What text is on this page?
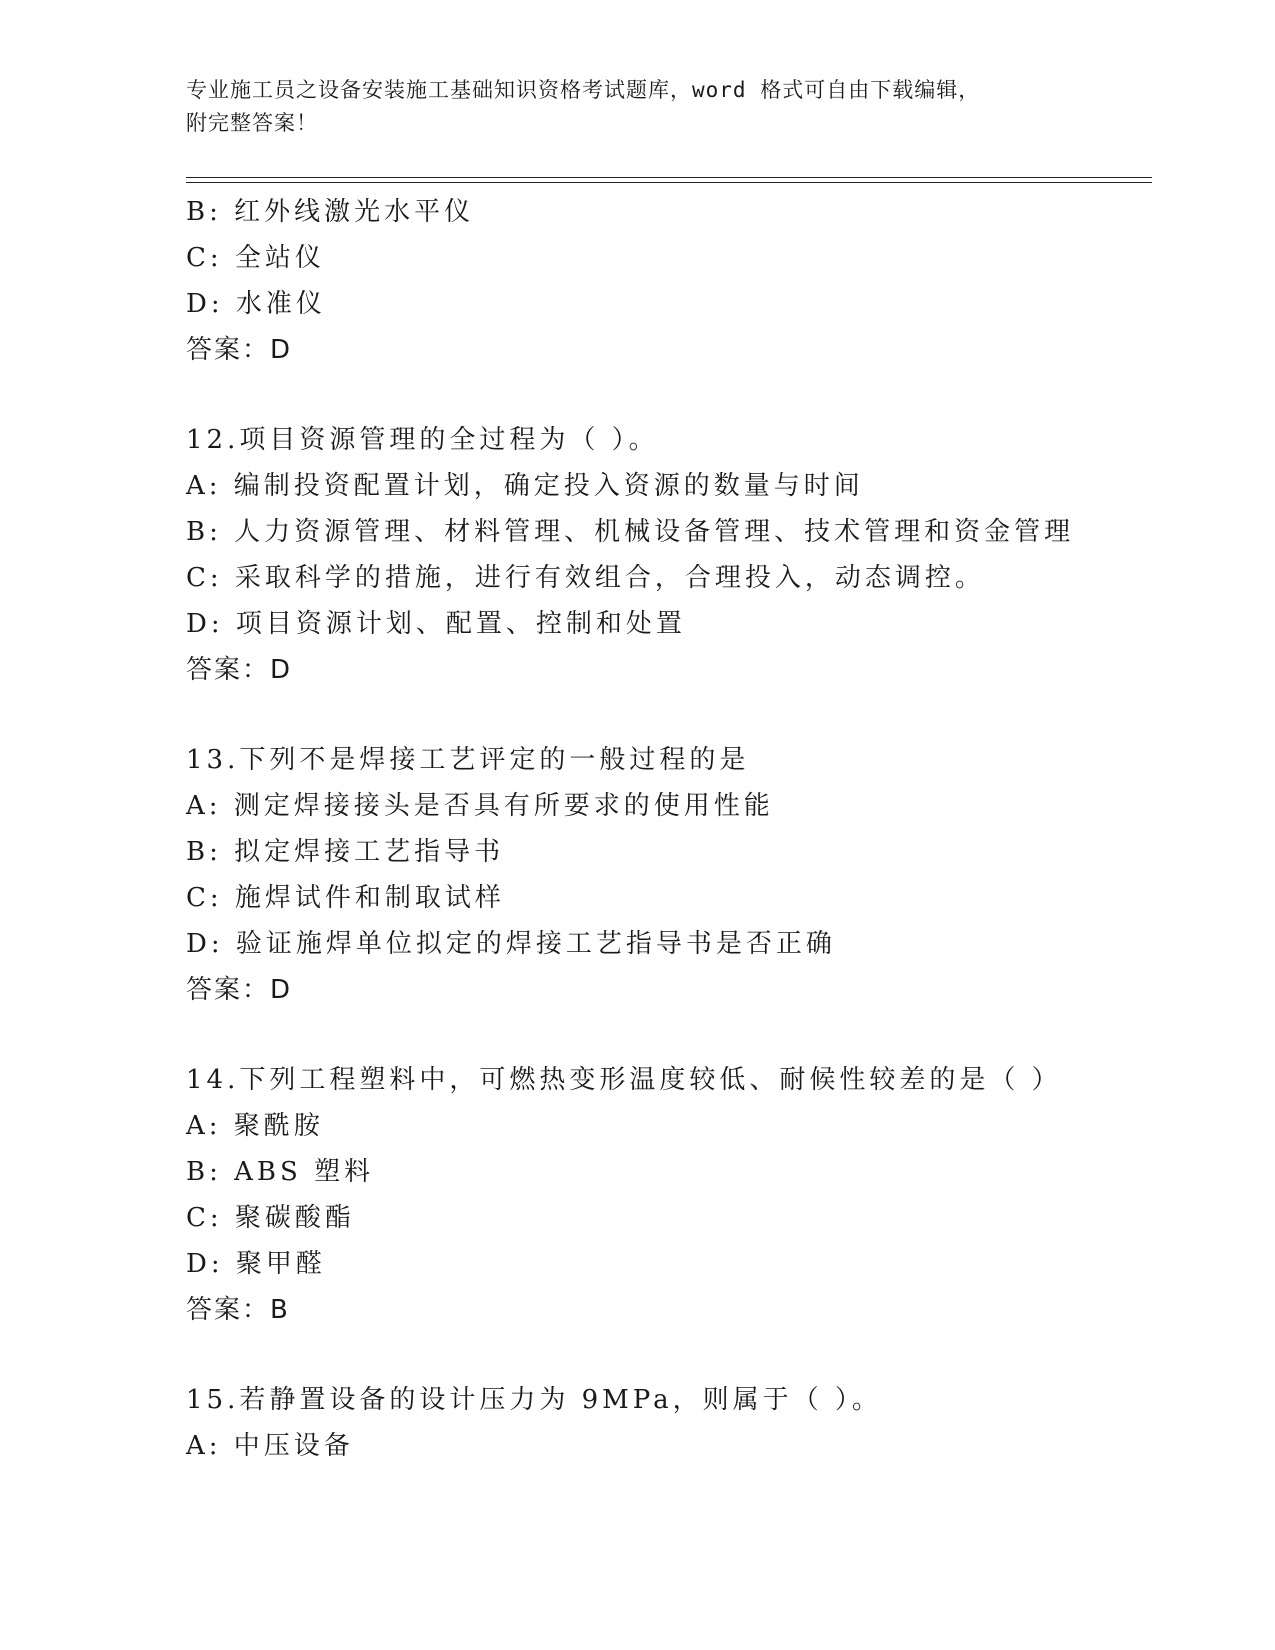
专业施工员之设备安装施工基础知识资格考试题库，word 格式可自由下载编辑，
附完整答案！
B: 红外线激光水平仪
C: 全站仪
D: 水准仪
答案：D
12.项目资源管理的全过程为（ ）。
A: 编制投资配置计划，确定投入资源的数量与时间
B: 人力资源管理、材料管理、机械设备管理、技术管理和资金管理
C: 采取科学的措施，进行有效组合，合理投入，动态调控。
D: 项目资源计划、配置、控制和处置
答案：D
13.下列不是焊接工艺评定的一般过程的是
A: 测定焊接接头是否具有所要求的使用性能
B: 拟定焊接工艺指导书
C: 施焊试件和制取试样
D: 验证施焊单位拟定的焊接工艺指导书是否正确
答案：D
14.下列工程塑料中，可燃热变形温度较低、耐候性较差的是（ ）
A: 聚酰胺
B: ABS 塑料
C: 聚碳酸酯
D: 聚甲醛
答案：B
15.若静置设备的设计压力为 9MPa，则属于（ ）。
A: 中压设备
